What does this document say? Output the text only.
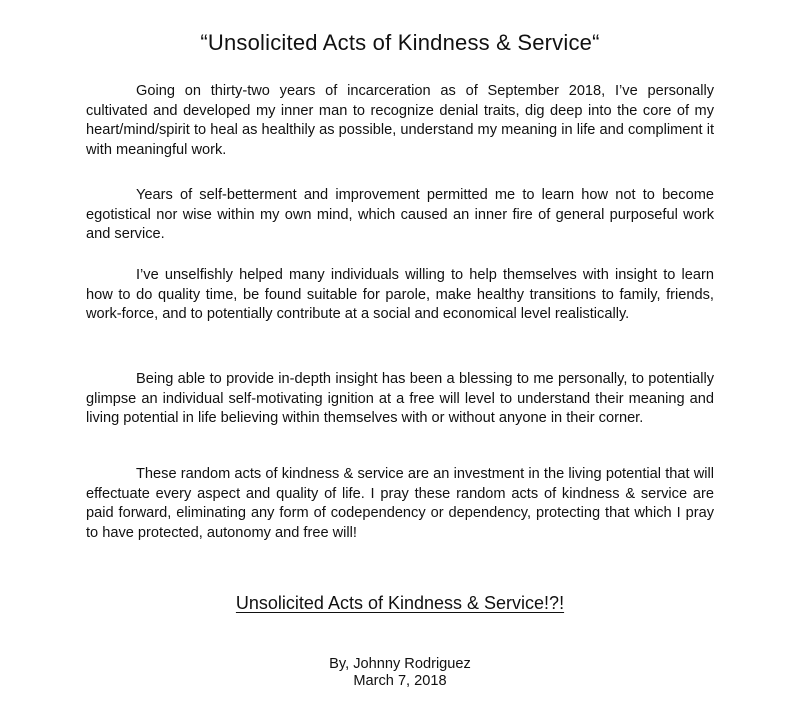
“Unsolicited Acts of Kindness & Service“

Going on thirty-two years of incarceration as of September 2018, I’ve personally cultivated and developed my inner man to recognize denial traits, dig deep into the core of my heart/mind/spirit to heal as healthily as possible, understand my meaning in life and compliment it with meaningful work.

Years of self-betterment and improvement permitted me to learn how not to become egotistical nor wise within my own mind, which caused an inner fire of general purposeful work and service.

I’ve unselfishly helped many individuals willing to help themselves with insight to learn how to do quality time, be found suitable for parole, make healthy transitions to family, friends, work-force, and to potentially contribute at a social and economical level realistically.

Being able to provide in-depth insight has been a blessing to me personally, to potentially glimpse an individual self-motivating ignition at a free will level to understand their meaning and living potential in life believing within themselves with or without anyone in their corner.

These random acts of kindness & service are an investment in the living potential that will effectuate every aspect and quality of life. I pray these random acts of kindness & service are paid forward, eliminating any form of codependency or dependency, protecting that which I pray to have protected, autonomy and free will!

Unsolicited Acts of Kindness & Service!?!
By, Johnny Rodriguez
March 7, 2018
